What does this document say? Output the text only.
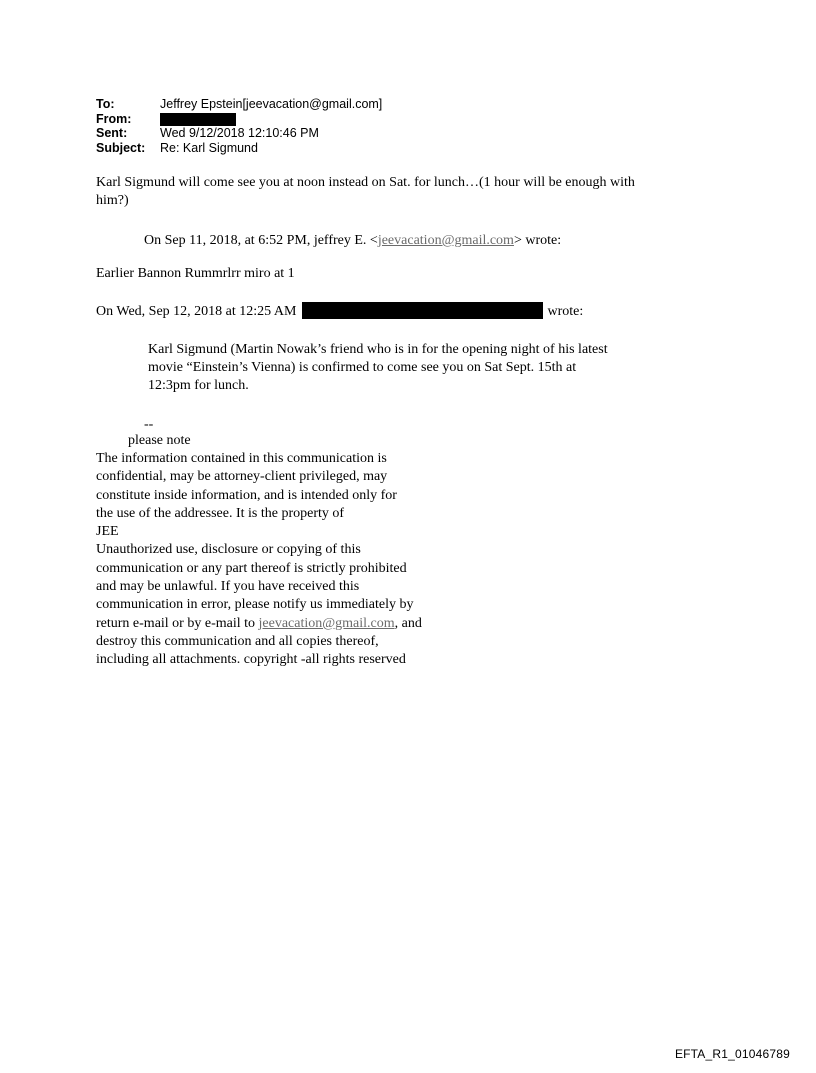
To:	Jeffrey Epstein[jeevacation@gmail.com]
From:
Sent:	Wed 9/12/2018 12:10:46 PM
Subject:	Re: Karl Sigmund
Karl Sigmund will come see you at noon instead on Sat. for lunch…(1 hour will be enough with
him?)
On Sep 11, 2018, at 6:52 PM, jeffrey E. <jeevacation@gmail.com> wrote:
Earlier Bannon Rummrlrr miro at 1
On Wed, Sep 12, 2018 at 12:25 AM	wrote:
Karl Sigmund (Martin Nowak’s friend who is in for the opening night of his latest
movie “Einstein’s Vienna) is confirmed to come see you on Sat Sept. 15th at
12:3pm for lunch.
--
please note
The information contained in this communication is
confidential, may be attorney-client privileged, may
constitute inside information, and is intended only for
the use of the addressee. It is the property of
JEE
Unauthorized use, disclosure or copying of this
communication or any part thereof is strictly prohibited
and may be unlawful. If you have received this
communication in error, please notify us immediately by
return e-mail or by e-mail to jeevacation@gmail.com, and
destroy this communication and all copies thereof,
including all attachments. copyright -all rights reserved
EFTA_R1_01046789
